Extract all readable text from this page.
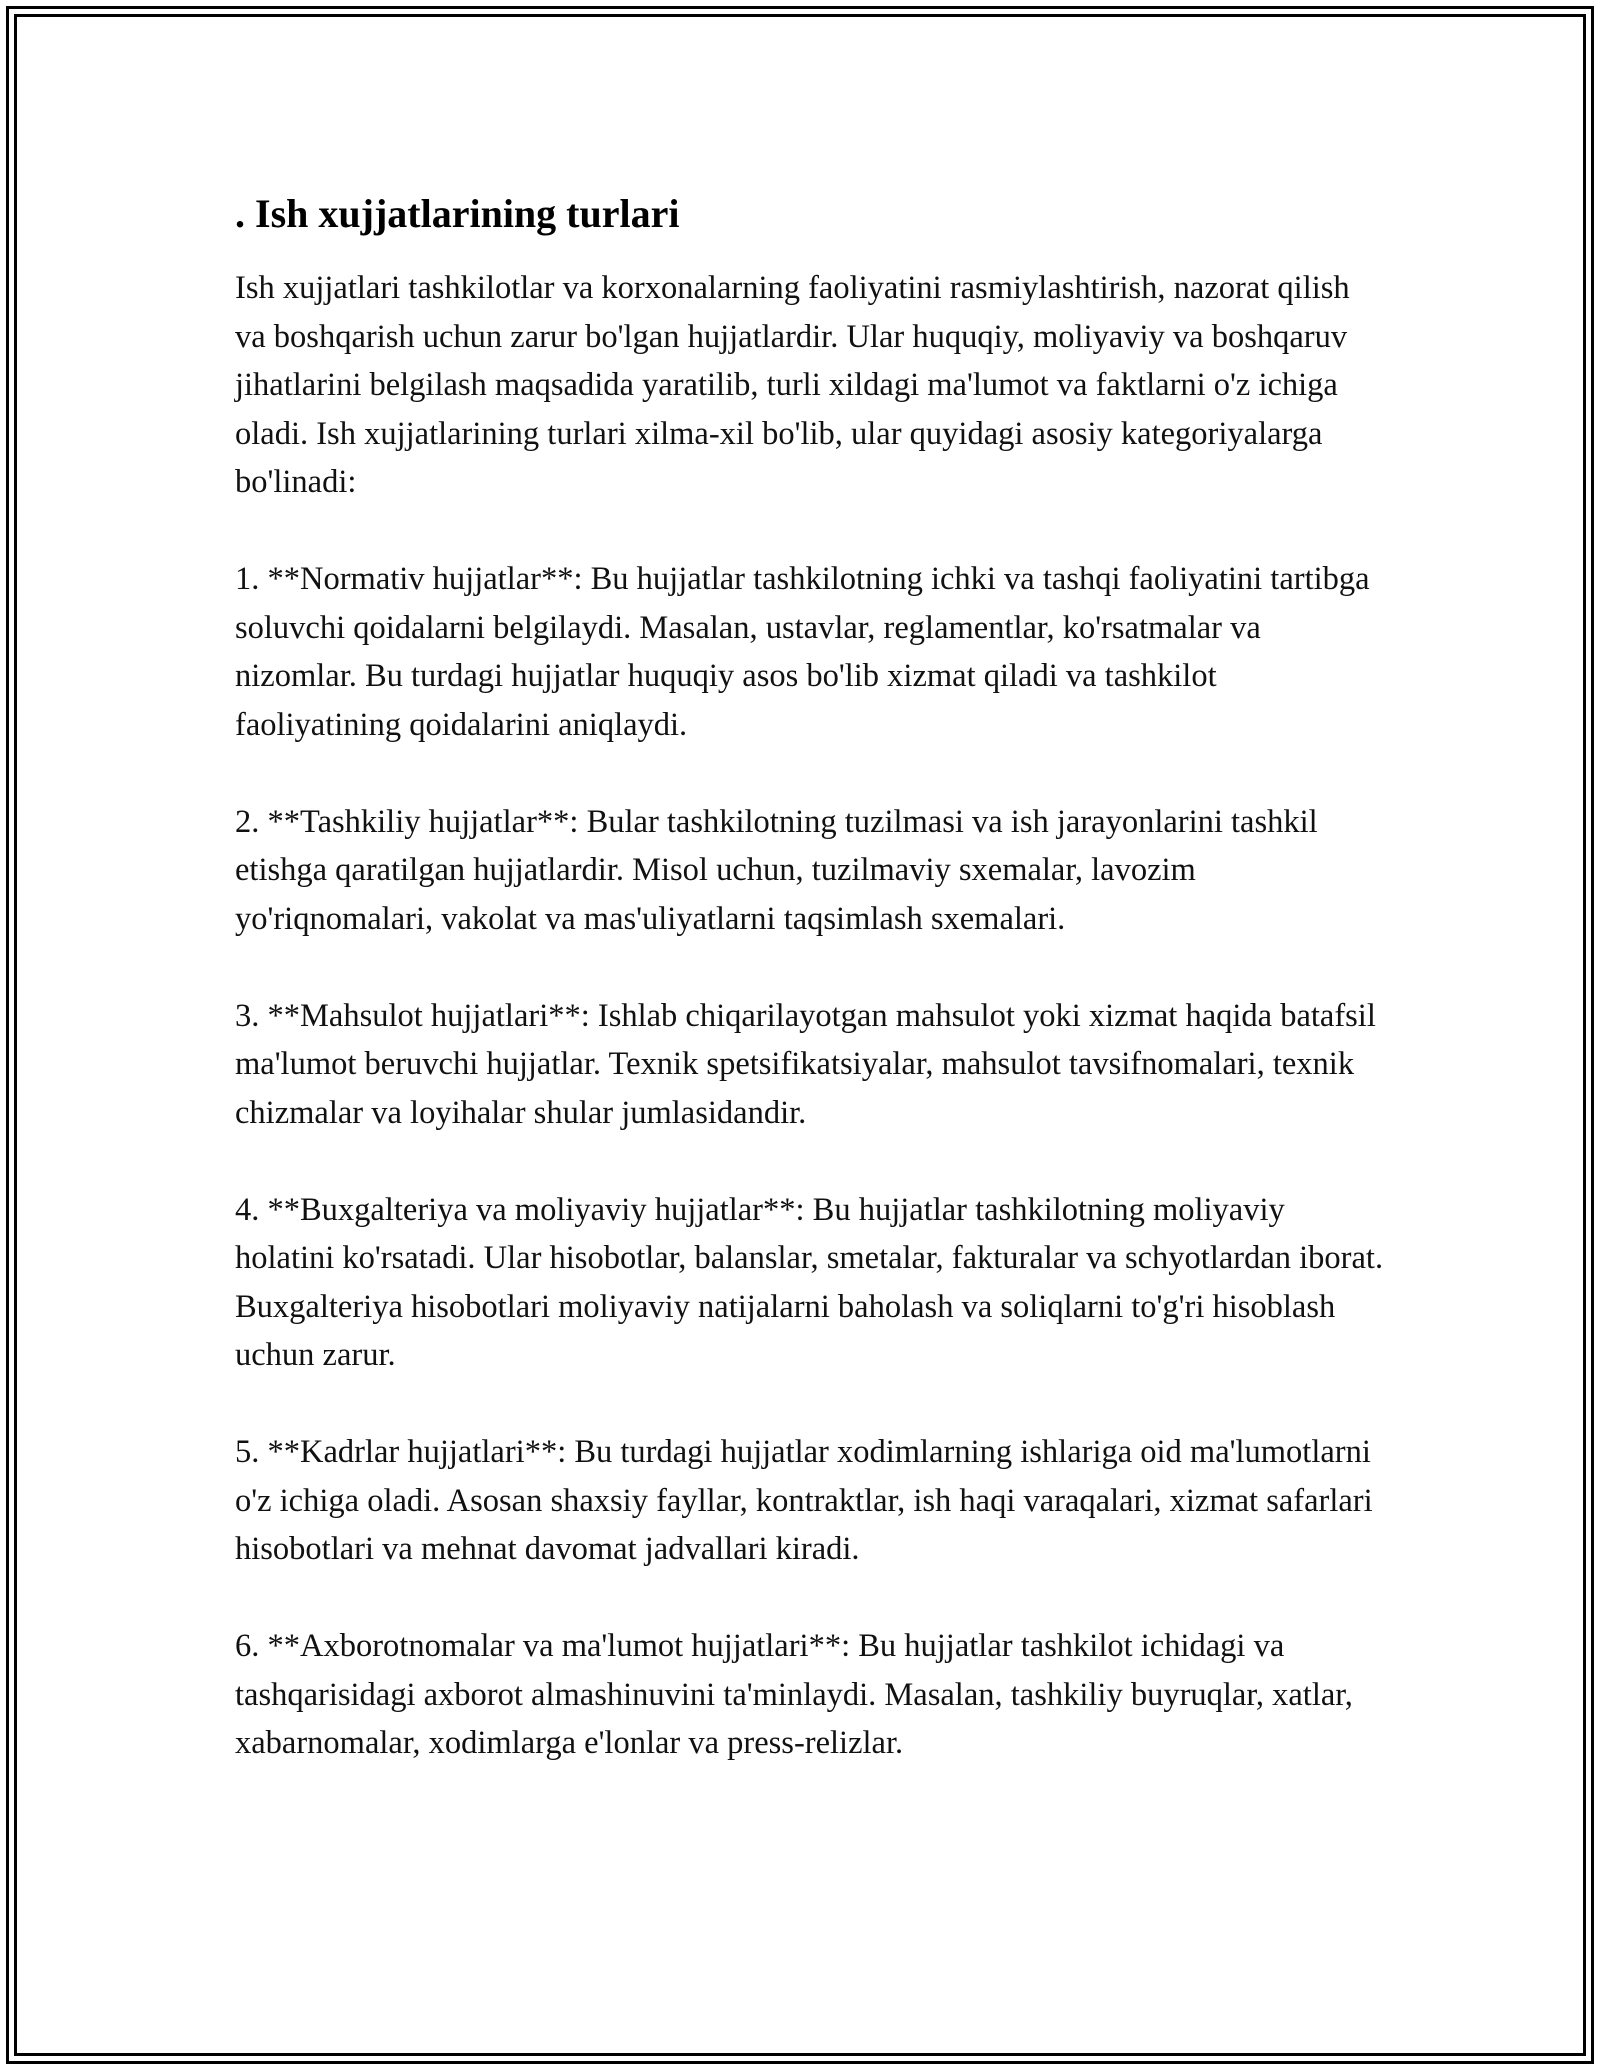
. Ish xujjatlarining turlari

Ish xujjatlari tashkilotlar va korxonalarning faoliyatini rasmiylashtirish, nazorat qilish va boshqarish uchun zarur bo'lgan hujjatlardir. Ular huquqiy, moliyaviy va boshqaruv jihatlarini belgilash maqsadida yaratilib, turli xildagi ma'lumot va faktlarni o'z ichiga oladi. Ish xujjatlarining turlari xilma-xil bo'lib, ular quyidagi asosiy kategoriyalarga bo'linadi:

1. **Normativ hujjatlar**: Bu hujjatlar tashkilotning ichki va tashqi faoliyatini tartibga soluvchi qoidalarni belgilaydi. Masalan, ustavlar, reglamentlar, ko'rsatmalar va nizomlar. Bu turdagi hujjatlar huquqiy asos bo'lib xizmat qiladi va tashkilot faoliyatining qoidalarini aniqlaydi.

2. **Tashkiliy hujjatlar**: Bular tashkilotning tuzilmasi va ish jarayonlarini tashkil etishga qaratilgan hujjatlardir. Misol uchun, tuzilmaviy sxemalar, lavozim yo'riqnomalari, vakolat va mas'uliyatlarni taqsimlash sxemalari.

3. **Mahsulot hujjatlari**: Ishlab chiqarilayotgan mahsulot yoki xizmat haqida batafsil ma'lumot beruvchi hujjatlar. Texnik spetsifikatsiyalar, mahsulot tavsifnomalari, texnik chizmalar va loyihalar shular jumlasidandir.

4. **Buxgalteriya va moliyaviy hujjatlar**: Bu hujjatlar tashkilotning moliyaviy holatini ko'rsatadi. Ular hisobotlar, balanslar, smetalar, fakturalar va schyotlardan iborat. Buxgalteriya hisobotlari moliyaviy natijalarni baholash va soliqlarni to'g'ri hisoblash uchun zarur.

5. **Kadrlar hujjatlari**: Bu turdagi hujjatlar xodimlarning ishlariga oid ma'lumotlarni o'z ichiga oladi. Asosan shaxsiy fayllar, kontraktlar, ish haqi varaqalari, xizmat safarlari hisobotlari va mehnat davomat jadvallari kiradi.

6. **Axborotnomalar va ma'lumot hujjatlari**: Bu hujjatlar tashkilot ichidagi va tashqarisidagi axborot almashinuvini ta'minlaydi. Masalan, tashkiliy buyruqlar, xatlar, xabarnomalar, xodimlarga e'lonlar va press-relizlar.
